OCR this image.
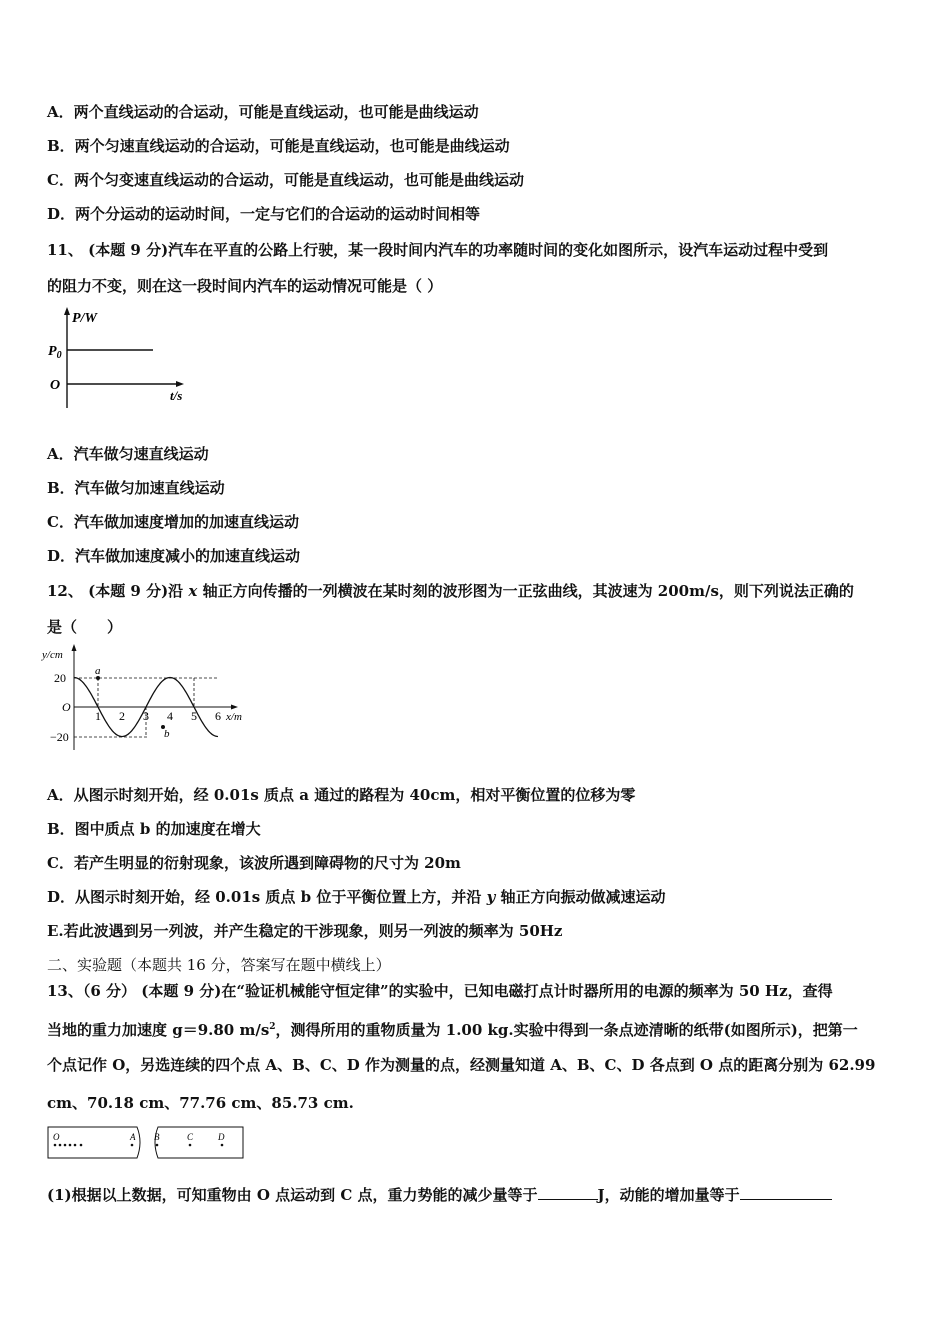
A．两个直线运动的合运动，可能是直线运动，也可能是曲线运动
B．两个匀速直线运动的合运动，可能是直线运动，也可能是曲线运动
C．两个匀变速直线运动的合运动，可能是直线运动，也可能是曲线运动
D．两个分运动的运动时间，一定与它们的合运动的运动时间相等
11、 (本题 9 分)汽车在平直的公路上行驶，某一段时间内汽车的功率随时间的变化如图所示，设汽车运动过程中受到
的阻力不变，则在这一段时间内汽车的运动情况可能是（ ）
P/W
$P_0$
O
t/s
A．汽车做匀速直线运动
B．汽车做匀加速直线运动
C．汽车做加速度增加的加速直线运动
D．汽车做加速度减小的加速直线运动
12、 (本题 9 分)沿 x 轴正方向传播的一列横波在某时刻的波形图为一正弦曲线，其波速为 200m/s，则下列说法正确的
是（　　）
y/cm
x/m
O
20
−20
1 2 3 4 5 6
a
b
A．从图示时刻开始，经 0.01s 质点 a 通过的路程为 40cm，相对平衡位置的位移为零
B．图中质点 b 的加速度在增大
C．若产生明显的衍射现象，该波所遇到障碍物的尺寸为 20m
D．从图示时刻开始，经 0.01s 质点 b 位于平衡位置上方，并沿 y 轴正方向振动做减速运动
E.若此波遇到另一列波，并产生稳定的干涉现象，则另一列波的频率为 50Hz
二、实验题（本题共 16 分，答案写在题中横线上）
13、（6 分） (本题 9 分)在“验证机械能守恒定律”的实验中，已知电磁打点计时器所用的电源的频率为 50 Hz，查得
当地的重力加速度 g＝9.80 $m/s^2$，测得所用的重物质量为 1.00 kg.实验中得到一条点迹清晰的纸带(如图所示)，把第一
个点记作 O，另选连续的四个点 A、B、C、D 作为测量的点，经测量知道 A、B、C、D 各点到 O 点的距离分别为 62.99
cm、70.18 cm、77.76 cm、85.73 cm.
O	A B	C	D
(1)根据以上数据，可知重物由 O 点运动到 C 点，重力势能的减少量等于	J，动能的增加量等于
